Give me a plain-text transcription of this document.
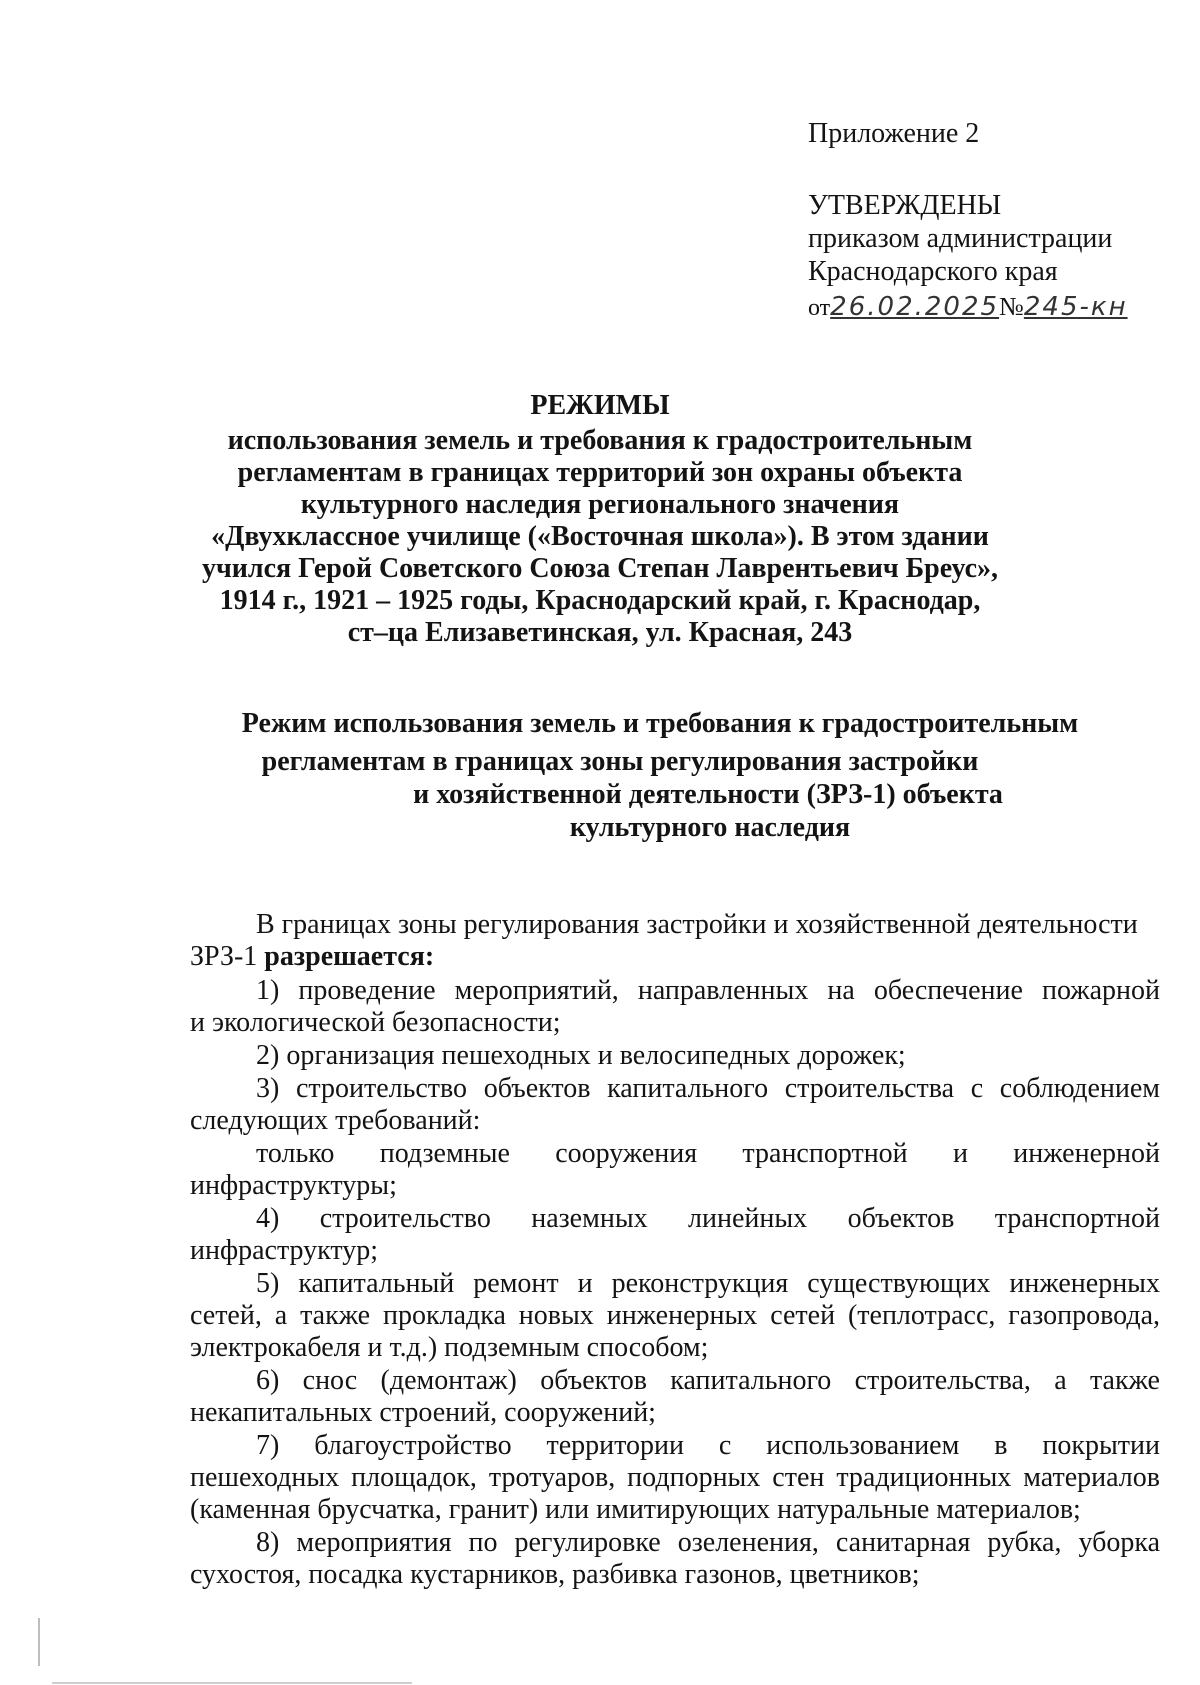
Приложение 2
УТВЕРЖДЕНЫ
приказом администрации
Краснодарского края
от26.02.2025№245-кн
РЕЖИМЫ
использования земель и требования к градостроительным
регламентам в границах территорий зон охраны объекта
культурного наследия регионального значения
«Двухклассное училище («Восточная школа»). В этом здании
учился Герой Советского Союза Степан Лаврентьевич Бреус»,
1914 г., 1921 – 1925 годы, Краснодарский край, г. Краснодар,
ст–ца Елизаветинская, ул. Красная, 243
Режим использования земель и требования к градостроительным
регламентам в границах зоны регулирования застройки
и хозяйственной деятельности (ЗРЗ-1) объекта
культурного наследия
В границах зоны регулирования застройки и хозяйственной деятельности
ЗРЗ-1 разрешается:
1) проведение мероприятий, направленных на обеспечение пожарной
и экологической безопасности;
2) организация пешеходных и велосипедных дорожек;
3) строительство объектов капитального строительства с соблюдением
следующих требований:
только подземные сооружения транспортной и инженерной
инфраструктуры;
4) строительство наземных линейных объектов транспортной
инфраструктур;
5) капитальный ремонт и реконструкция существующих инженерных
сетей, а также прокладка новых инженерных сетей (теплотрасс, газопровода,
электрокабеля и т.д.) подземным способом;
6) снос (демонтаж) объектов капитального строительства, а также
некапитальных строений, сооружений;
7) благоустройство территории с использованием в покрытии
пешеходных площадок, тротуаров, подпорных стен традиционных материалов
(каменная брусчатка, гранит) или имитирующих натуральные материалов;
8) мероприятия по регулировке озеленения, санитарная рубка, уборка
сухостоя, посадка кустарников, разбивка газонов, цветников;
